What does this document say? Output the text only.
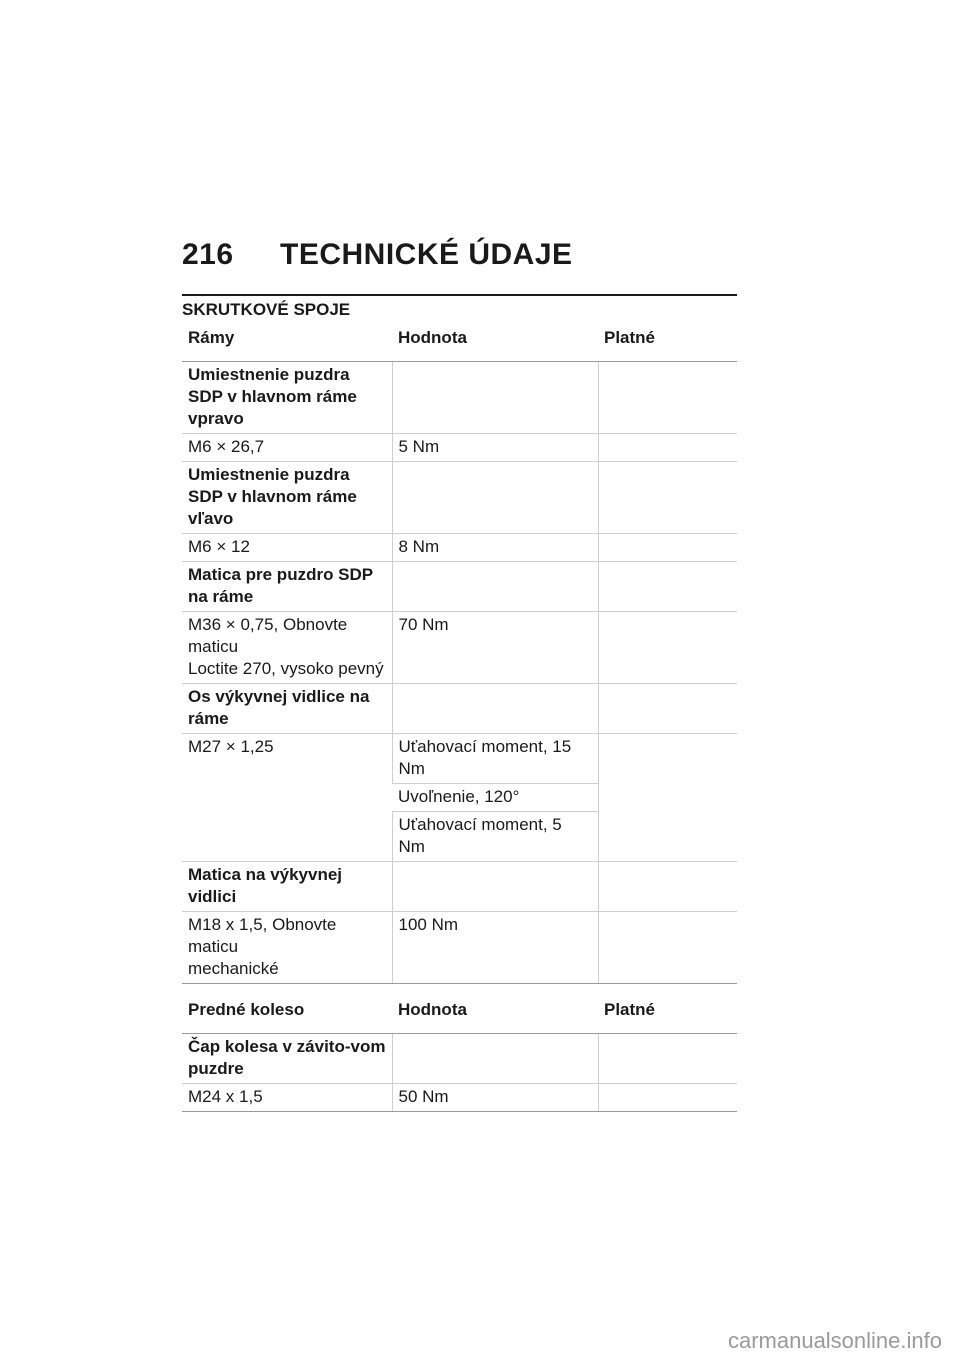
216 TECHNICKÉ ÚDAJE
SKRUTKOVÉ SPOJE
Rámy	Hodnota	Platné
Umiestnenie puzdra SDP v hlavnom ráme vpravo		
M6 × 26,7	5 Nm	
Umiestnenie puzdra SDP v hlavnom ráme vľavo		
M6 × 12	8 Nm	
Matica pre puzdro SDP na ráme		

M36 × 0,75, Obnovte maticu
Loctite 270, vysoko pevný	70 Nm	
Os výkyvnej vidlice na ráme		
M27 × 1,25	Uťahovací moment, 15 Nm	
	Uvoľnenie, 120°	
	Uťahovací moment, 5 Nm	
Matica na výkyvnej vidlici		

M18 x 1,5, Obnovte maticu
mechanické	100 Nm	
Predné koleso	Hodnota	Platné
Čap kolesa v závito-vom puzdre		
M24 x 1,5	50 Nm	
carmanualsonline.info
